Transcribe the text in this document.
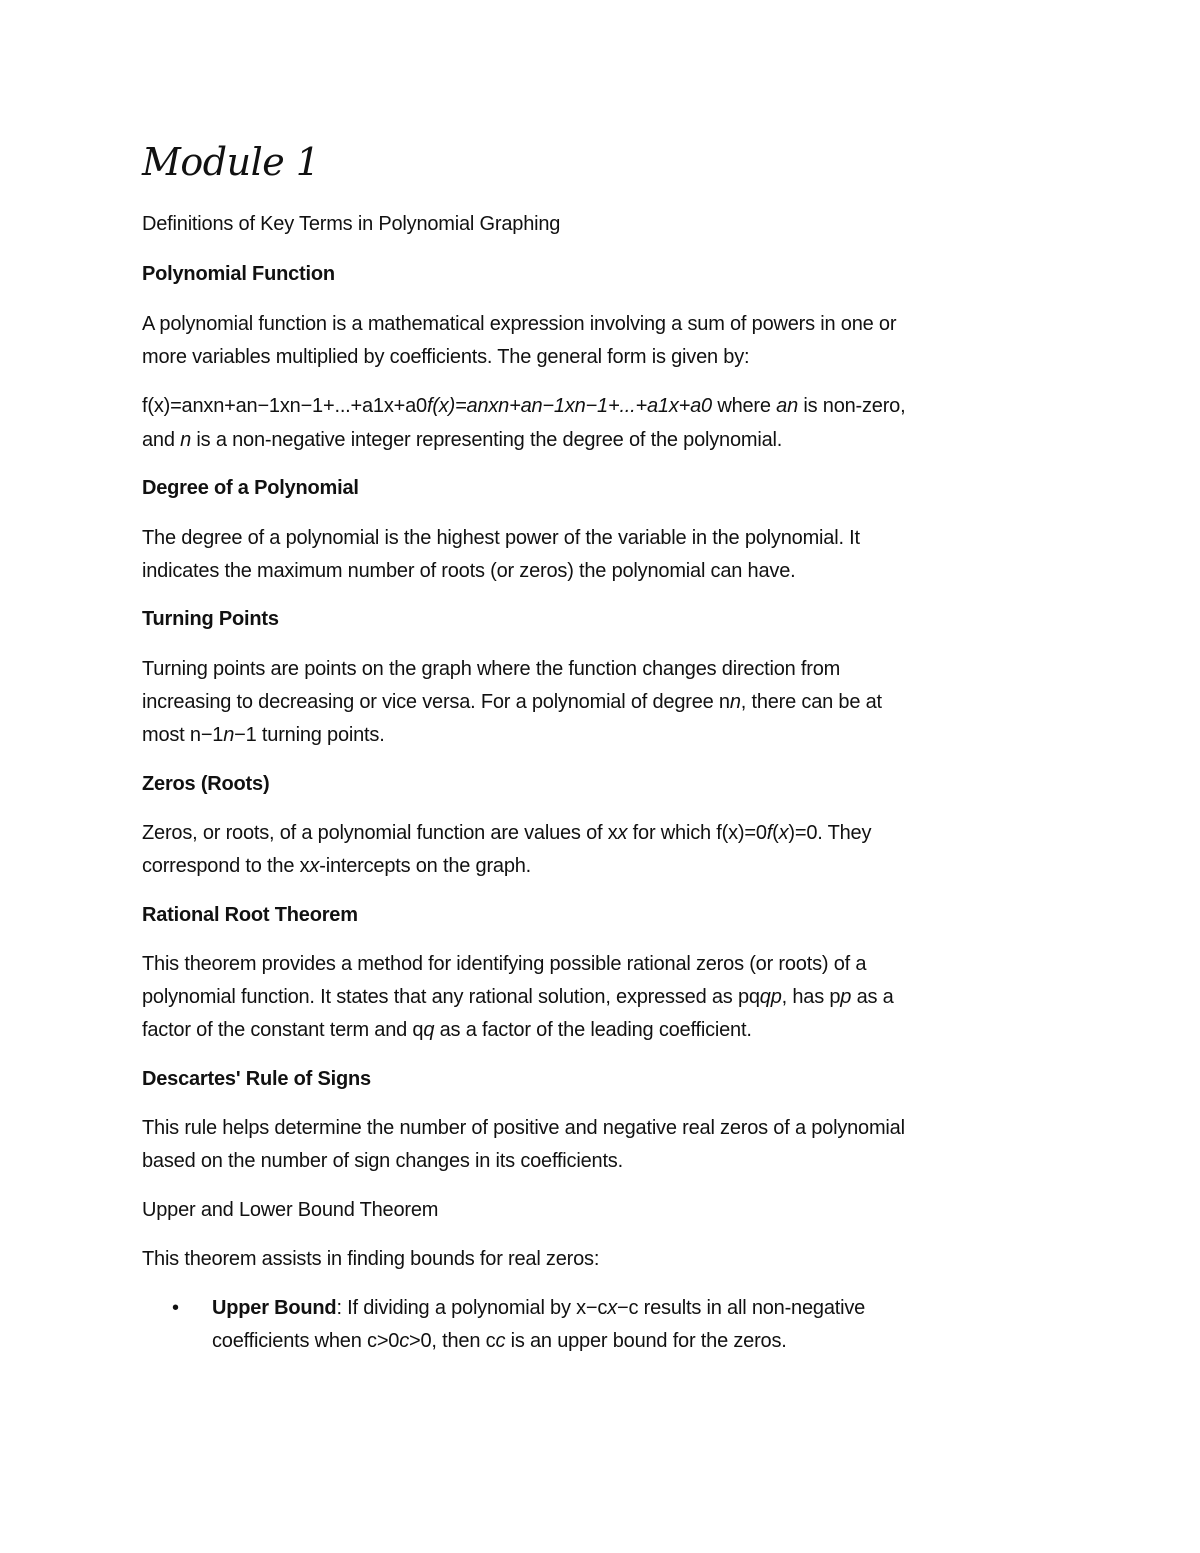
Module 1
Definitions of Key Terms in Polynomial Graphing
Polynomial Function
A polynomial function is a mathematical expression involving a sum of powers in one or
more variables multiplied by coefficients. The general form is given by:
f(x)=anxn+an−1xn−1+...+a1x+a0f(x)=anxn+an−1xn−1+...+a1x+a0 where an is non-zero,
and n is a non-negative integer representing the degree of the polynomial.
Degree of a Polynomial
The degree of a polynomial is the highest power of the variable in the polynomial. It
indicates the maximum number of roots (or zeros) the polynomial can have.
Turning Points
Turning points are points on the graph where the function changes direction from
increasing to decreasing or vice versa. For a polynomial of degree nn, there can be at
most n−1n−1 turning points.
Zeros (Roots)
Zeros, or roots, of a polynomial function are values of xx for which f(x)=0f(x)=0. They
correspond to the xx-intercepts on the graph.
Rational Root Theorem
This theorem provides a method for identifying possible rational zeros (or roots) of a
polynomial function. It states that any rational solution, expressed as pqqp, has pp as a
factor of the constant term and qq as a factor of the leading coefficient.
Descartes' Rule of Signs
This rule helps determine the number of positive and negative real zeros of a polynomial
based on the number of sign changes in its coefficients.
Upper and Lower Bound Theorem
This theorem assists in finding bounds for real zeros:
• Upper Bound: If dividing a polynomial by x−cx−c results in all non-negative
coefficients when c>0c>0, then cc is an upper bound for the zeros.
